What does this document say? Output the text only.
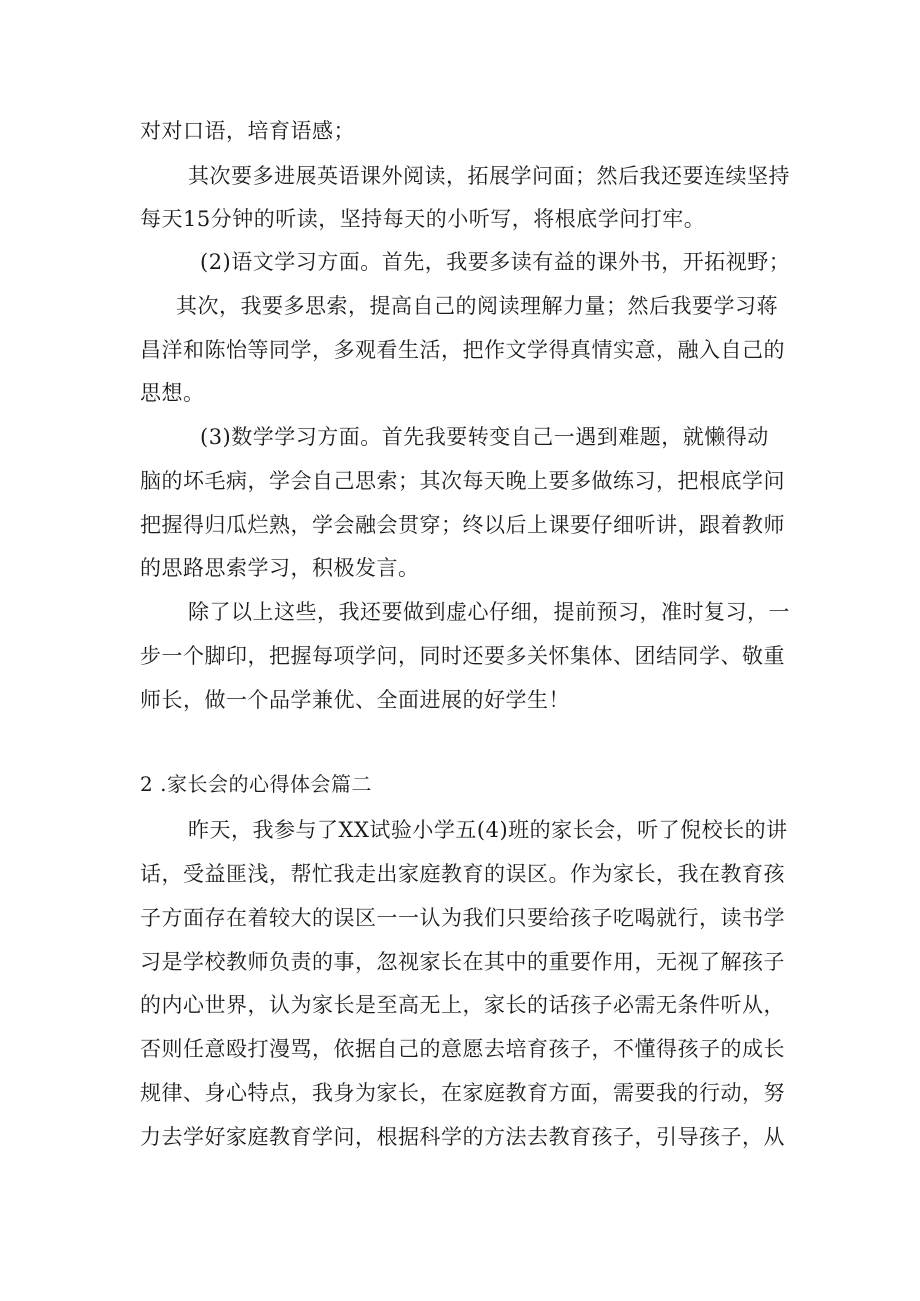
对对口语，培育语感；
其次要多进展英语课外阅读，拓展学问面；然后我还要连续坚持
每天15分钟的听读，坚持每天的小听写，将根底学问打牢。
(2)语文学习方面。首先，我要多读有益的课外书，开拓视野；
其次，我要多思索，提高自己的阅读理解力量；然后我要学习蒋
昌洋和陈怡等同学，多观看生活，把作文学得真情实意，融入自己的
思想。
(3)数学学习方面。首先我要转变自己一遇到难题，就懒得动
脑的坏毛病，学会自己思索；其次每天晚上要多做练习，把根底学问
把握得归瓜烂熟，学会融会贯穿；终以后上课要仔细听讲，跟着教师
的思路思索学习，积极发言。
除了以上这些，我还要做到虚心仔细，提前预习，准时复习，一
步一个脚印，把握每项学问，同时还要多关怀集体、团结同学、敬重
师长，做一个品学兼优、全面进展的好学生！
2 .家长会的心得体会篇二
昨天，我参与了XX试验小学五(4)班的家长会，听了倪校长的讲
话，受益匪浅，帮忙我走出家庭教育的误区。作为家长，我在教育孩
子方面存在着较大的误区一一认为我们只要给孩子吃喝就行，读书学
习是学校教师负责的事，忽视家长在其中的重要作用，无视了解孩子
的内心世界，认为家长是至高无上，家长的话孩子必需无条件听从，
否则任意殴打漫骂，依据自己的意愿去培育孩子，不懂得孩子的成长
规律、身心特点，我身为家长，在家庭教育方面，需要我的行动，努
力去学好家庭教育学问，根据科学的方法去教育孩子，引导孩子，从
